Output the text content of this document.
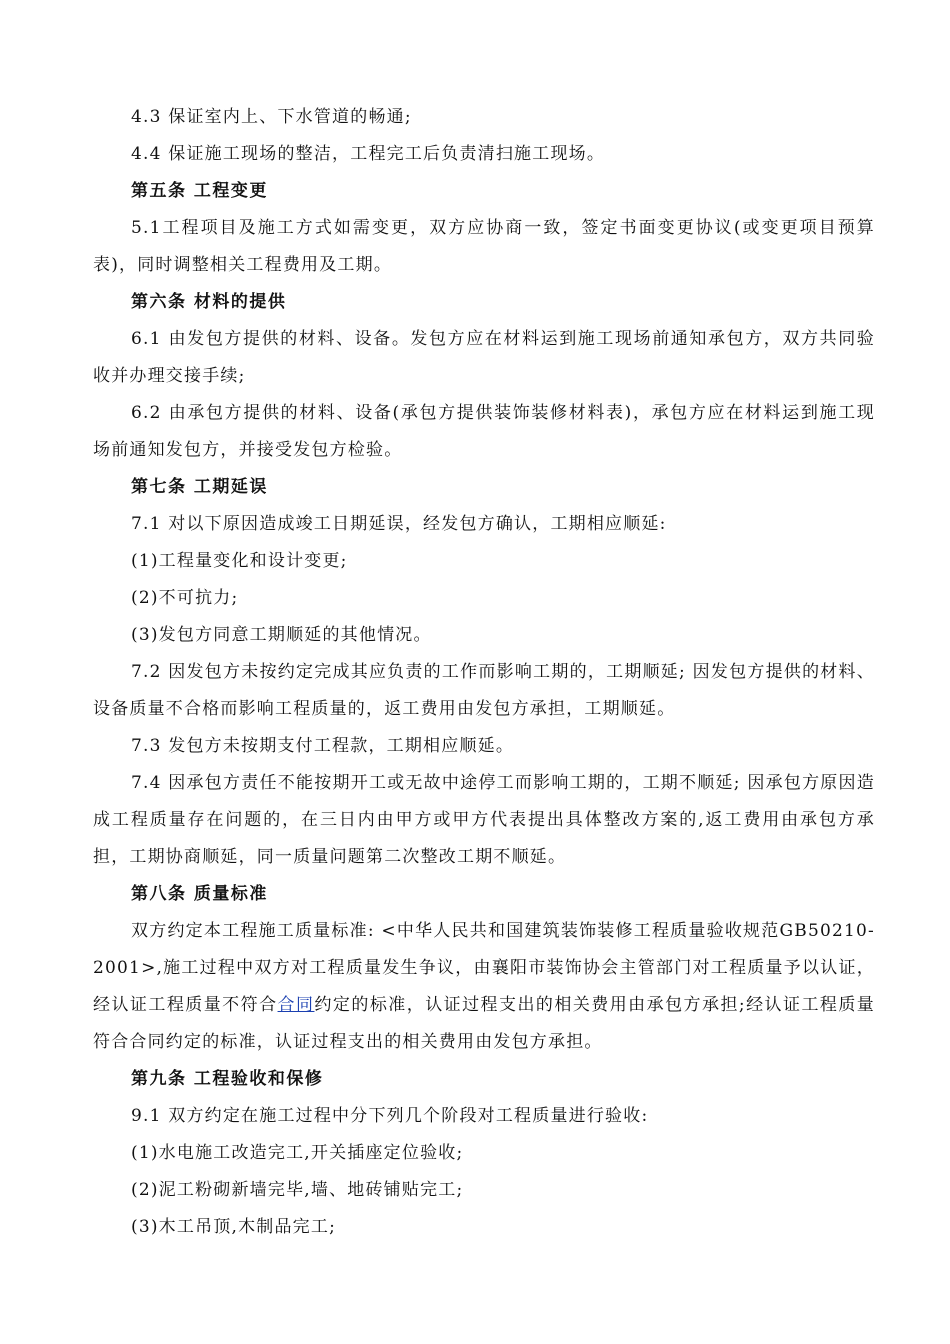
4.3 保证室内上、下水管道的畅通;

4.4 保证施工现场的整洁，工程完工后负责清扫施工现场。

第五条 工程变更

5.1工程项目及施工方式如需变更，双方应协商一致，签定书面变更协议(或变更项目预算表)，同时调整相关工程费用及工期。

第六条 材料的提供

6.1 由发包方提供的材料、设备。发包方应在材料运到施工现场前通知承包方，双方共同验收并办理交接手续;

6.2 由承包方提供的材料、设备(承包方提供装饰装修材料表)，承包方应在材料运到施工现场前通知发包方，并接受发包方检验。

第七条 工期延误

7.1 对以下原因造成竣工日期延误，经发包方确认，工期相应顺延:

(1)工程量变化和设计变更;

(2)不可抗力;

(3)发包方同意工期顺延的其他情况。

7.2 因发包方未按约定完成其应负责的工作而影响工期的，工期顺延; 因发包方提供的材料、设备质量不合格而影响工程质量的，返工费用由发包方承担，工期顺延。

7.3 发包方未按期支付工程款，工期相应顺延。

7.4 因承包方责任不能按期开工或无故中途停工而影响工期的，工期不顺延; 因承包方原因造成工程质量存在问题的，在三日内由甲方或甲方代表提出具体整改方案的,返工费用由承包方承担，工期协商顺延，同一质量问题第二次整改工期不顺延。

第八条 质量标准

双方约定本工程施工质量标准: <中华人民共和国建筑装饰装修工程质量验收规范GB50210-2001>,施工过程中双方对工程质量发生争议，由襄阳市装饰协会主管部门对工程质量予以认证，经认证工程质量不符合合同约定的标准，认证过程支出的相关费用由承包方承担;经认证工程质量符合合同约定的标准，认证过程支出的相关费用由发包方承担。

第九条 工程验收和保修

9.1 双方约定在施工过程中分下列几个阶段对工程质量进行验收:

(1)水电施工改造完工,开关插座定位验收;

(2)泥工粉砌新墙完毕,墙、地砖铺贴完工;

(3)木工吊顶,木制品完工;
